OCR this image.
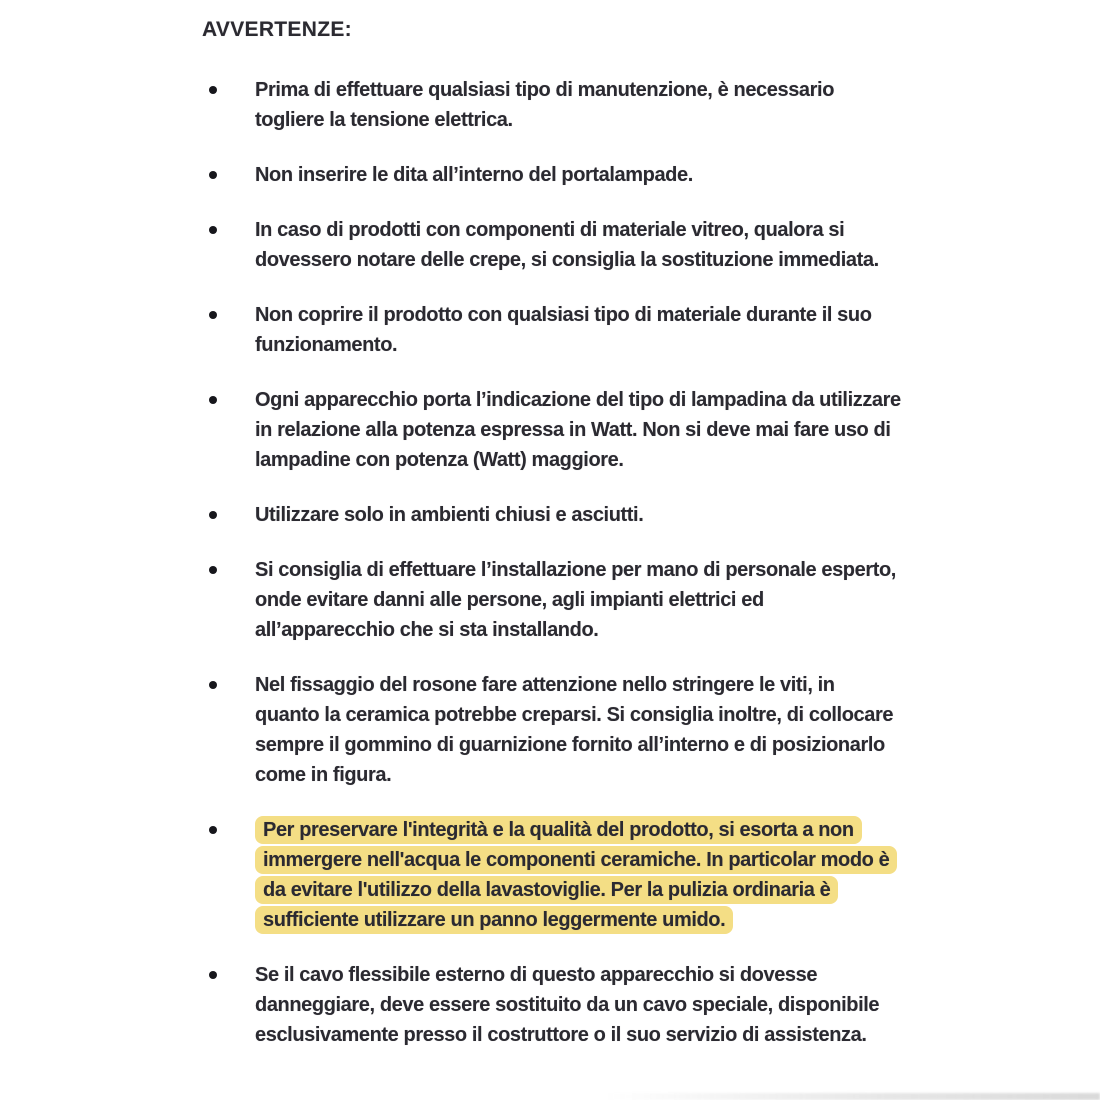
AVVERTENZE:
Prima di effettuare qualsiasi tipo di manutenzione, è necessario togliere la tensione elettrica.
Non inserire le dita all’interno del portalampade.
In caso di prodotti con componenti di materiale vitreo, qualora si dovessero notare delle crepe, si consiglia la sostituzione immediata.
Non coprire il prodotto con qualsiasi tipo di materiale durante il suo funzionamento.
Ogni apparecchio porta l’indicazione del tipo di lampadina da utilizzare in relazione alla potenza espressa in Watt. Non si deve mai fare uso di lampadine con potenza (Watt) maggiore.
Utilizzare solo in ambienti chiusi e asciutti.
Si consiglia di effettuare l’installazione per mano di personale esperto, onde evitare danni alle persone, agli impianti elettrici ed all’apparecchio che si sta installando.
Nel fissaggio del rosone fare attenzione nello stringere le viti, in quanto la ceramica potrebbe creparsi. Si consiglia inoltre, di collocare sempre il gommino di guarnizione fornito all’interno e di posizionarlo come in figura.
Per preservare l'integrità e la qualità del prodotto, si esorta a non immergere nell'acqua le componenti ceramiche. In particolar modo è da evitare l'utilizzo della lavastoviglie. Per la pulizia ordinaria è sufficiente utilizzare un panno leggermente umido.
Se il cavo flessibile esterno di questo apparecchio si dovesse danneggiare, deve essere sostituito da un cavo speciale, disponibile esclusivamente presso il costruttore o il suo servizio di assistenza.
